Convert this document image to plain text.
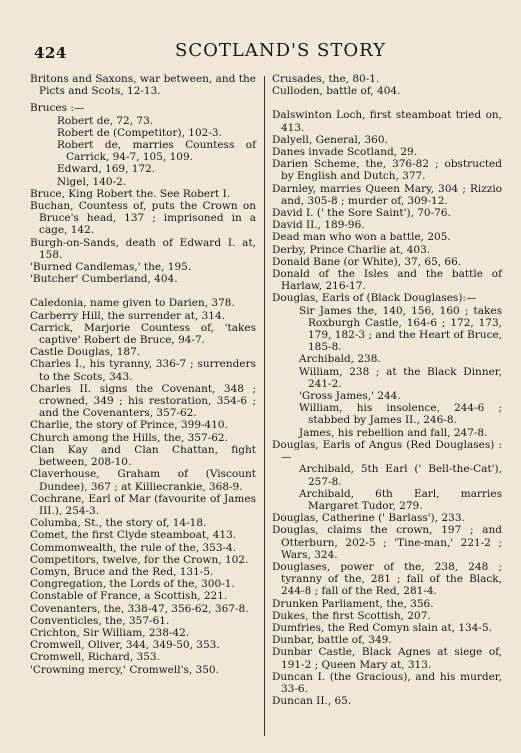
424	SCOTLAND'S STORY
Britons and Saxons, war between, and the Picts and Scots, 12-13.
Bruces :—
Robert de, 72, 73.
Robert de (Competitor), 102-3.
Robert de, marries Countess of Carrick, 94-7, 105, 109.
Edward, 169, 172.
Nigel, 140-2.
Bruce, King Robert the. See Robert I.
Buchan, Countess of, puts the Crown on Bruce's head, 137 ; imprisoned in a cage, 142.
Burgh-on-Sands, death of Edward I. at, 158.
'Burned Candlemas,' the, 195.
'Butcher' Cumberland, 404.
Caledonia, name given to Darien, 378.
Carberry Hill, the surrender at, 314.
Carrick, Marjorie Countess of, 'takes captive' Robert de Bruce, 94-7.
Castle Douglas, 187.
Charles I., his tyranny, 336-7 ; surrenders to the Scots, 343.
Charles II. signs the Covenant, 348 ; crowned, 349 ; his restoration, 354-6 ; and the Covenanters, 357-62.
Charlie, the story of Prince, 399-410.
Church among the Hills, the, 357-62.
Clan Kay and Clan Chattan, fight between, 208-10.
Claverhouse, Graham of (Viscount Dundee), 367 ; at Killiecrankie, 368-9.
Cochrane, Earl of Mar (favourite of James III.), 254-3.
Columba, St., the story of, 14-18.
Comet, the first Clyde steamboat, 413.
Commonwealth, the rule of the, 353-4.
Competitors, twelve, for the Crown, 102.
Comyn, Bruce and the Red, 131-5.
Congregation, the Lords of the, 300-1.
Constable of France, a Scottish, 221.
Covenanters, the, 338-47, 356-62, 367-8.
Conventicles, the, 357-61.
Crichton, Sir William, 238-42.
Cromwell, Oliver, 344, 349-50, 353.
Cromwell, Richard, 353.
'Crowning mercy,' Cromwell's, 350.
Crusades, the, 80-1.
Culloden, battle of, 404.
Dalswinton Loch, first steamboat tried on, 413.
Dalyell, General, 360.
Danes invade Scotland, 29.
Darien Scheme, the, 376-82 ; obstructed by English and Dutch, 377.
Darnley, marries Queen Mary, 304 ; Rizzio and, 305-8 ; murder of, 309-12.
David I. (' the Sore Saint'), 70-76.
David II., 189-96.
Dead man who won a battle, 205.
Derby, Prince Charlie at, 403.
Donald Bane (or White), 37, 65, 66.
Donald of the Isles and the battle of Harlaw, 216-17.
Douglas, Earls of (Black Douglases):—
Sir James the, 140, 156, 160 ; takes Roxburgh Castle, 164-6 ; 172, 173, 179, 182-3 ; and the Heart of Bruce, 185-8.
Archibald, 238.
William, 238 ; at the Black Dinner, 241-2.
'Gross James,' 244.
William, his insolence, 244-6 ; stabbed by James II., 246-8.
James, his rebellion and fall, 247-8.
Douglas, Earls of Angus (Red Douglases) :—
Archibald, 5th Earl (' Bell-the-Cat'), 257-8.
Archibald, 6th Earl, marries Margaret Tudor, 279.
Douglas, Catherine (' Barlass'), 233.
Douglas, claims the crown, 197 ; and Otterburn, 202-5 ; 'Tine-man,' 221-2 ; Wars, 324.
Douglases, power of the, 238, 248 ; tyranny of the, 281 ; fall of the Black, 244-8 ; fall of the Red, 281-4.
Drunken Parliament, the, 356.
Dukes, the first Scottish, 207.
Dumfries, the Red Comyn slain at, 134-5.
Dunbar, battle of, 349.
Dunbar Castle, Black Agnes at siege of, 191-2 ; Queen Mary at, 313.
Duncan I. (the Gracious), and his murder, 33-6.
Duncan II., 65.
